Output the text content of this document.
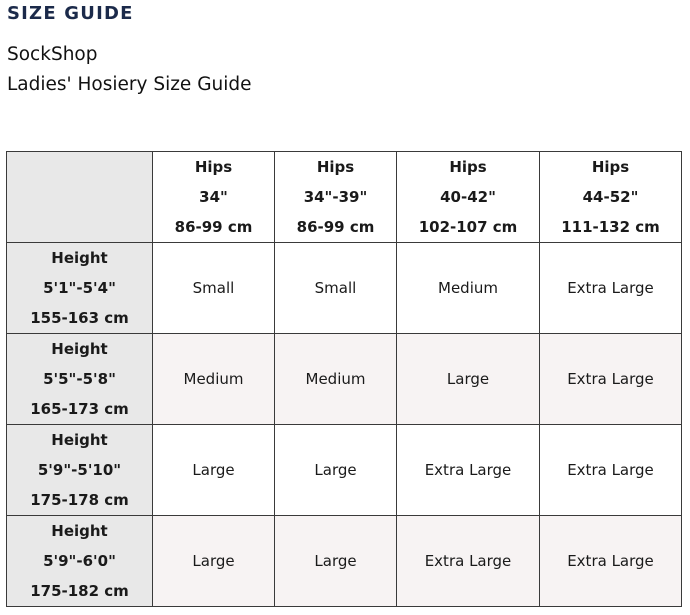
SIZE GUIDE
SockShop
Ladies' Hosiery Size Guide

	Hips
34"
86-99 cm	Hips
34"-39"
86-99 cm	Hips
40-42"
102-107 cm	Hips
44-52"
111-132 cm

Height
5'1"-5'4"
155-163 cm	Small	Small	Medium	Extra Large

Height
5'5"-5'8"
165-173 cm	Medium	Medium	Large	Extra Large

Height
5'9"-5'10"
175-178 cm	Large	Large	Extra Large	Extra Large

Height
5'9"-6'0"
175-182 cm	Large	Large	Extra Large	Extra Large
